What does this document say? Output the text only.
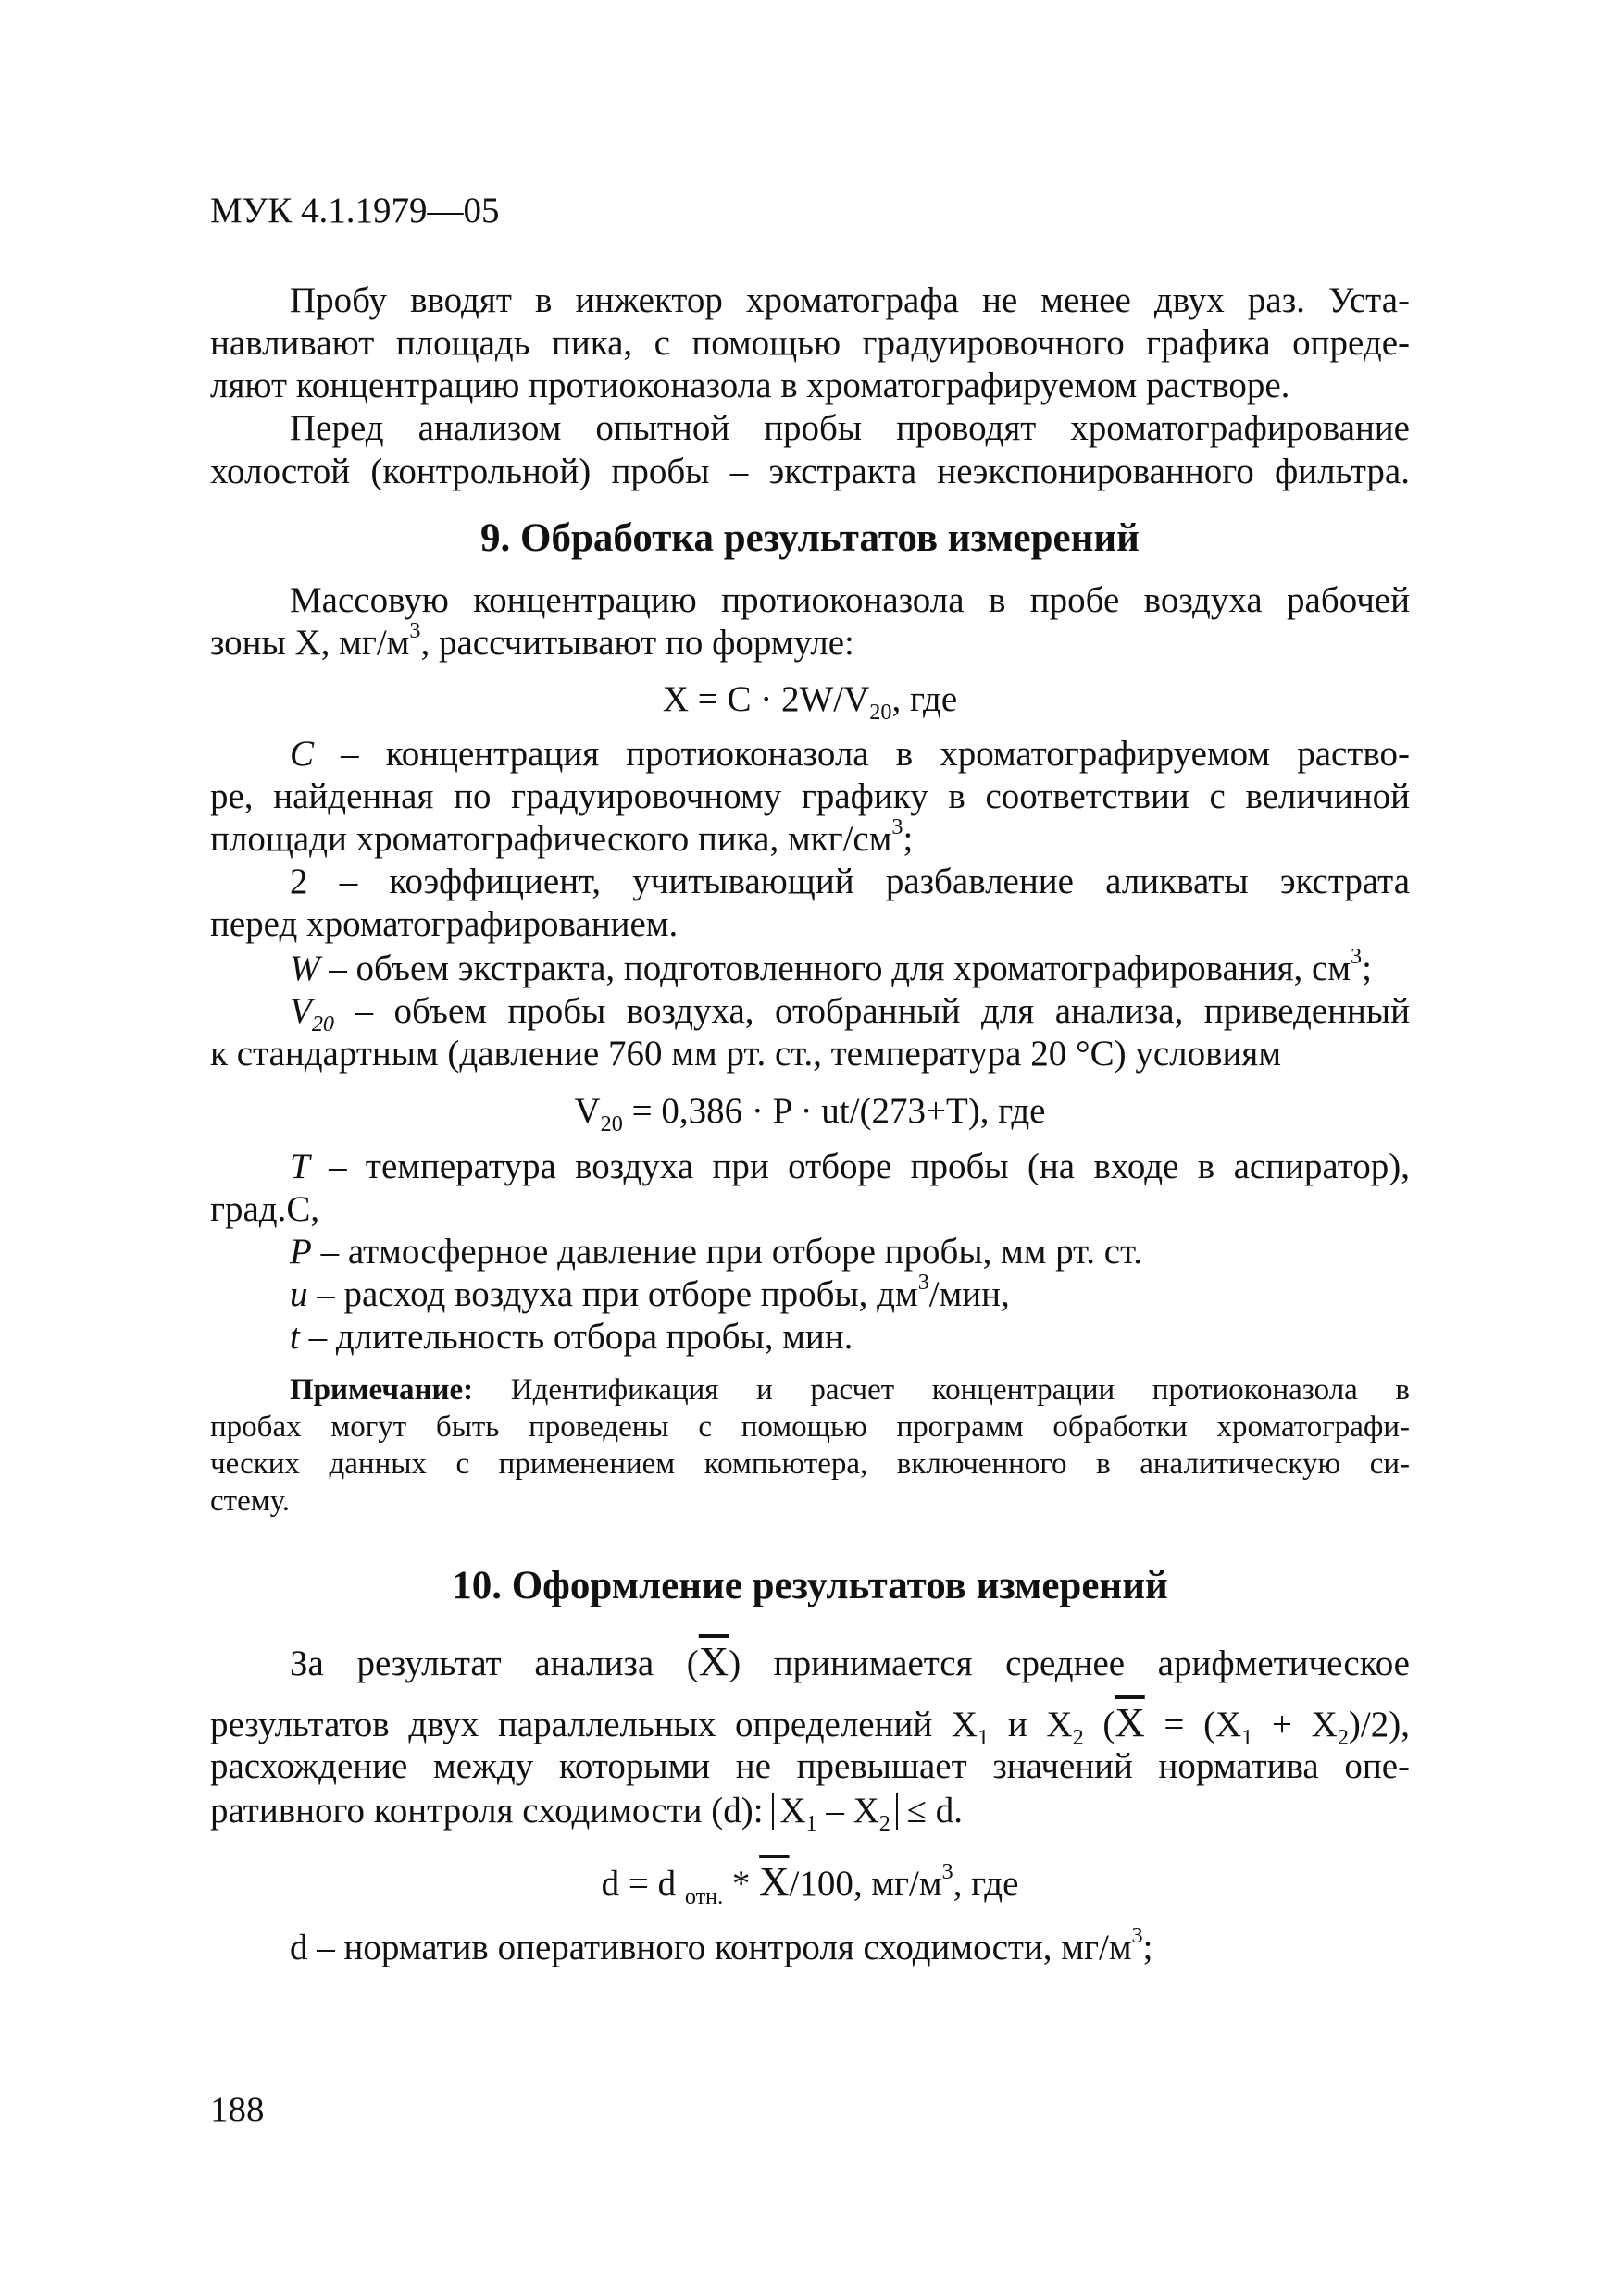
МУК 4.1.1979—05
Пробу вводят в инжектор хроматографа не менее двух раз. Уста-
навливают площадь пика, с помощью градуировочного графика опреде-
ляют концентрацию протиоконазола в хроматографируемом растворе.
Перед анализом опытной пробы проводят хроматографирование
холостой (контрольной) пробы – экстракта неэкспонированного фильтра.
9. Обработка результатов измерений
Массовую концентрацию протиоконазола в пробе воздуха рабочей
зоны X, $мг/м^3$, рассчитывают по формуле:
$X = C \cdot 2W/V_{20}$, где
C – концентрация протиоконазола в хроматографируемом раство-
ре, найденная по градуировочному графику в соответствии с величиной
площади хроматографического пика, мкг/$см^3$;
2 – коэффициент, учитывающий разбавление аликваты экстрата
перед хроматографированием.
W – объем экстракта, подготовленного для хроматографирования, $см^3$;
$V_{20}$ – объем пробы воздуха, отобранный для анализа, приведенный
к стандартным (давление 760 мм рт. ст., температура 20 °С) условиям
$V_{20} = 0,386 \cdot P \cdot ut/(273+T)$, где
T – температура воздуха при отборе пробы (на входе в аспиратор),
град.С,
P – атмосферное давление при отборе пробы, мм рт. ст.
u – расход воздуха при отборе пробы, $дм^3$/мин,
t – длительность отбора пробы, мин.
Примечание: Идентификация и расчет концентрации протиоконазола в
пробах могут быть проведены с помощью программ обработки хроматографи-
ческих данных с применением компьютера, включенного в аналитическую си-
стему.
10. Оформление результатов измерений
За результат анализа $(\overline{X})$ принимается среднее арифметическое
результатов двух параллельных определений $X_1$ и $X_2$ $(\overline{X} = (X_1 + X_2)/2)$,
расхождение между которыми не превышает значений норматива опе-
ративного контроля сходимости (d): $X_1 - X_2 \le d$.
d = d $_{отн.} * \overline{X}/100$, $мг/м^3$, где
d – норматив оперативного контроля сходимости, $мг/м^3$;
188
